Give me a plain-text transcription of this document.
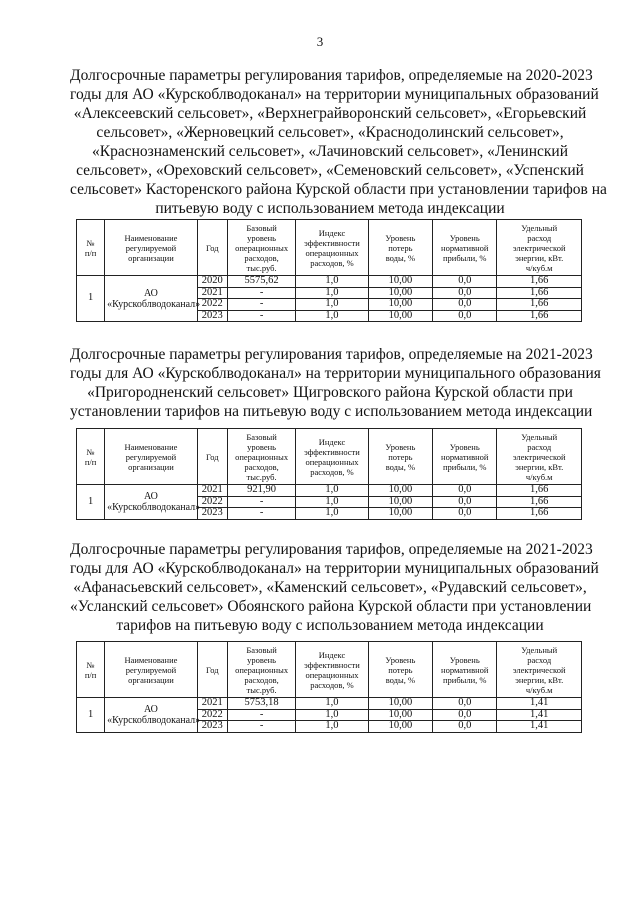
3
Долгосрочные параметры регулирования тарифов, определяемые на 2020-2023
годы для АО «Курскоблводоканал» на территории муниципальных образований
«Алексеевский сельсовет», «Верхнеграйворонский сельсовет», «Егорьевский
сельсовет», «Жерновецкий сельсовет», «Краснодолинский сельсовет»,
«Краснознаменский сельсовет», «Лачиновский сельсовет», «Ленинский
сельсовет», «Ореховский сельсовет», «Семеновский сельсовет», «Успенский
сельсовет» Касторенского района Курской области при установлении тарифов на
питьевую воду с использованием метода индексации
№
п/п	Наименование
регулируемой
организации	Год	Базовый
уровень
операционных
расходов,
тыс.руб.	Индекс
эффективности
операционных
расходов, %	Уровень
потерь
воды, %	Уровень
нормативной
прибыли, %	Удельный
расход
электрической
энергии, кВт.
ч/куб.м

1	АО
«Курскоблводоканал»	2020	5575,62	1,0	10,00	0,0	1,66
		2021	-	1,0	10,00	0,0	1,66
		2022	-	1,0	10,00	0,0	1,66
		2023	-	1,0	10,00	0,0	1,66
Долгосрочные параметры регулирования тарифов, определяемые на 2021-2023
годы для АО «Курскоблводоканал» на территории муниципального образования
«Пригородненский сельсовет» Щигровского района Курской области при
установлении тарифов на питьевую воду с использованием метода индексации
№
п/п	Наименование
регулируемой
организации	Год	Базовый
уровень
операционных
расходов,
тыс.руб.	Индекс
эффективности
операционных
расходов, %	Уровень
потерь
воды, %	Уровень
нормативной
прибыли, %	Удельный
расход
электрической
энергии, кВт.
ч/куб.м

1	АО
«Курскоблводоканал»	2021	921,90	1,0	10,00	0,0	1,66
		2022	-	1,0	10,00	0,0	1,66
		2023	-	1,0	10,00	0,0	1,66
Долгосрочные параметры регулирования тарифов, определяемые на 2021-2023
годы для АО «Курскоблводоканал» на территории муниципальных образований
«Афанасьевский сельсовет», «Каменский сельсовет», «Рудавский сельсовет»,
«Усланский сельсовет» Обоянского района Курской области при установлении
тарифов на питьевую воду с использованием метода индексации
№
п/п	Наименование
регулируемой
организации	Год	Базовый
уровень
операционных
расходов,
тыс.руб.	Индекс
эффективности
операционных
расходов, %	Уровень
потерь
воды, %	Уровень
нормативной
прибыли, %	Удельный
расход
электрической
энергии, кВт.
ч/куб.м

1	АО
«Курскоблводоканал»	2021	5753,18	1,0	10,00	0,0	1,41
		2022	-	1,0	10,00	0,0	1,41
		2023	-	1,0	10,00	0,0	1,41
